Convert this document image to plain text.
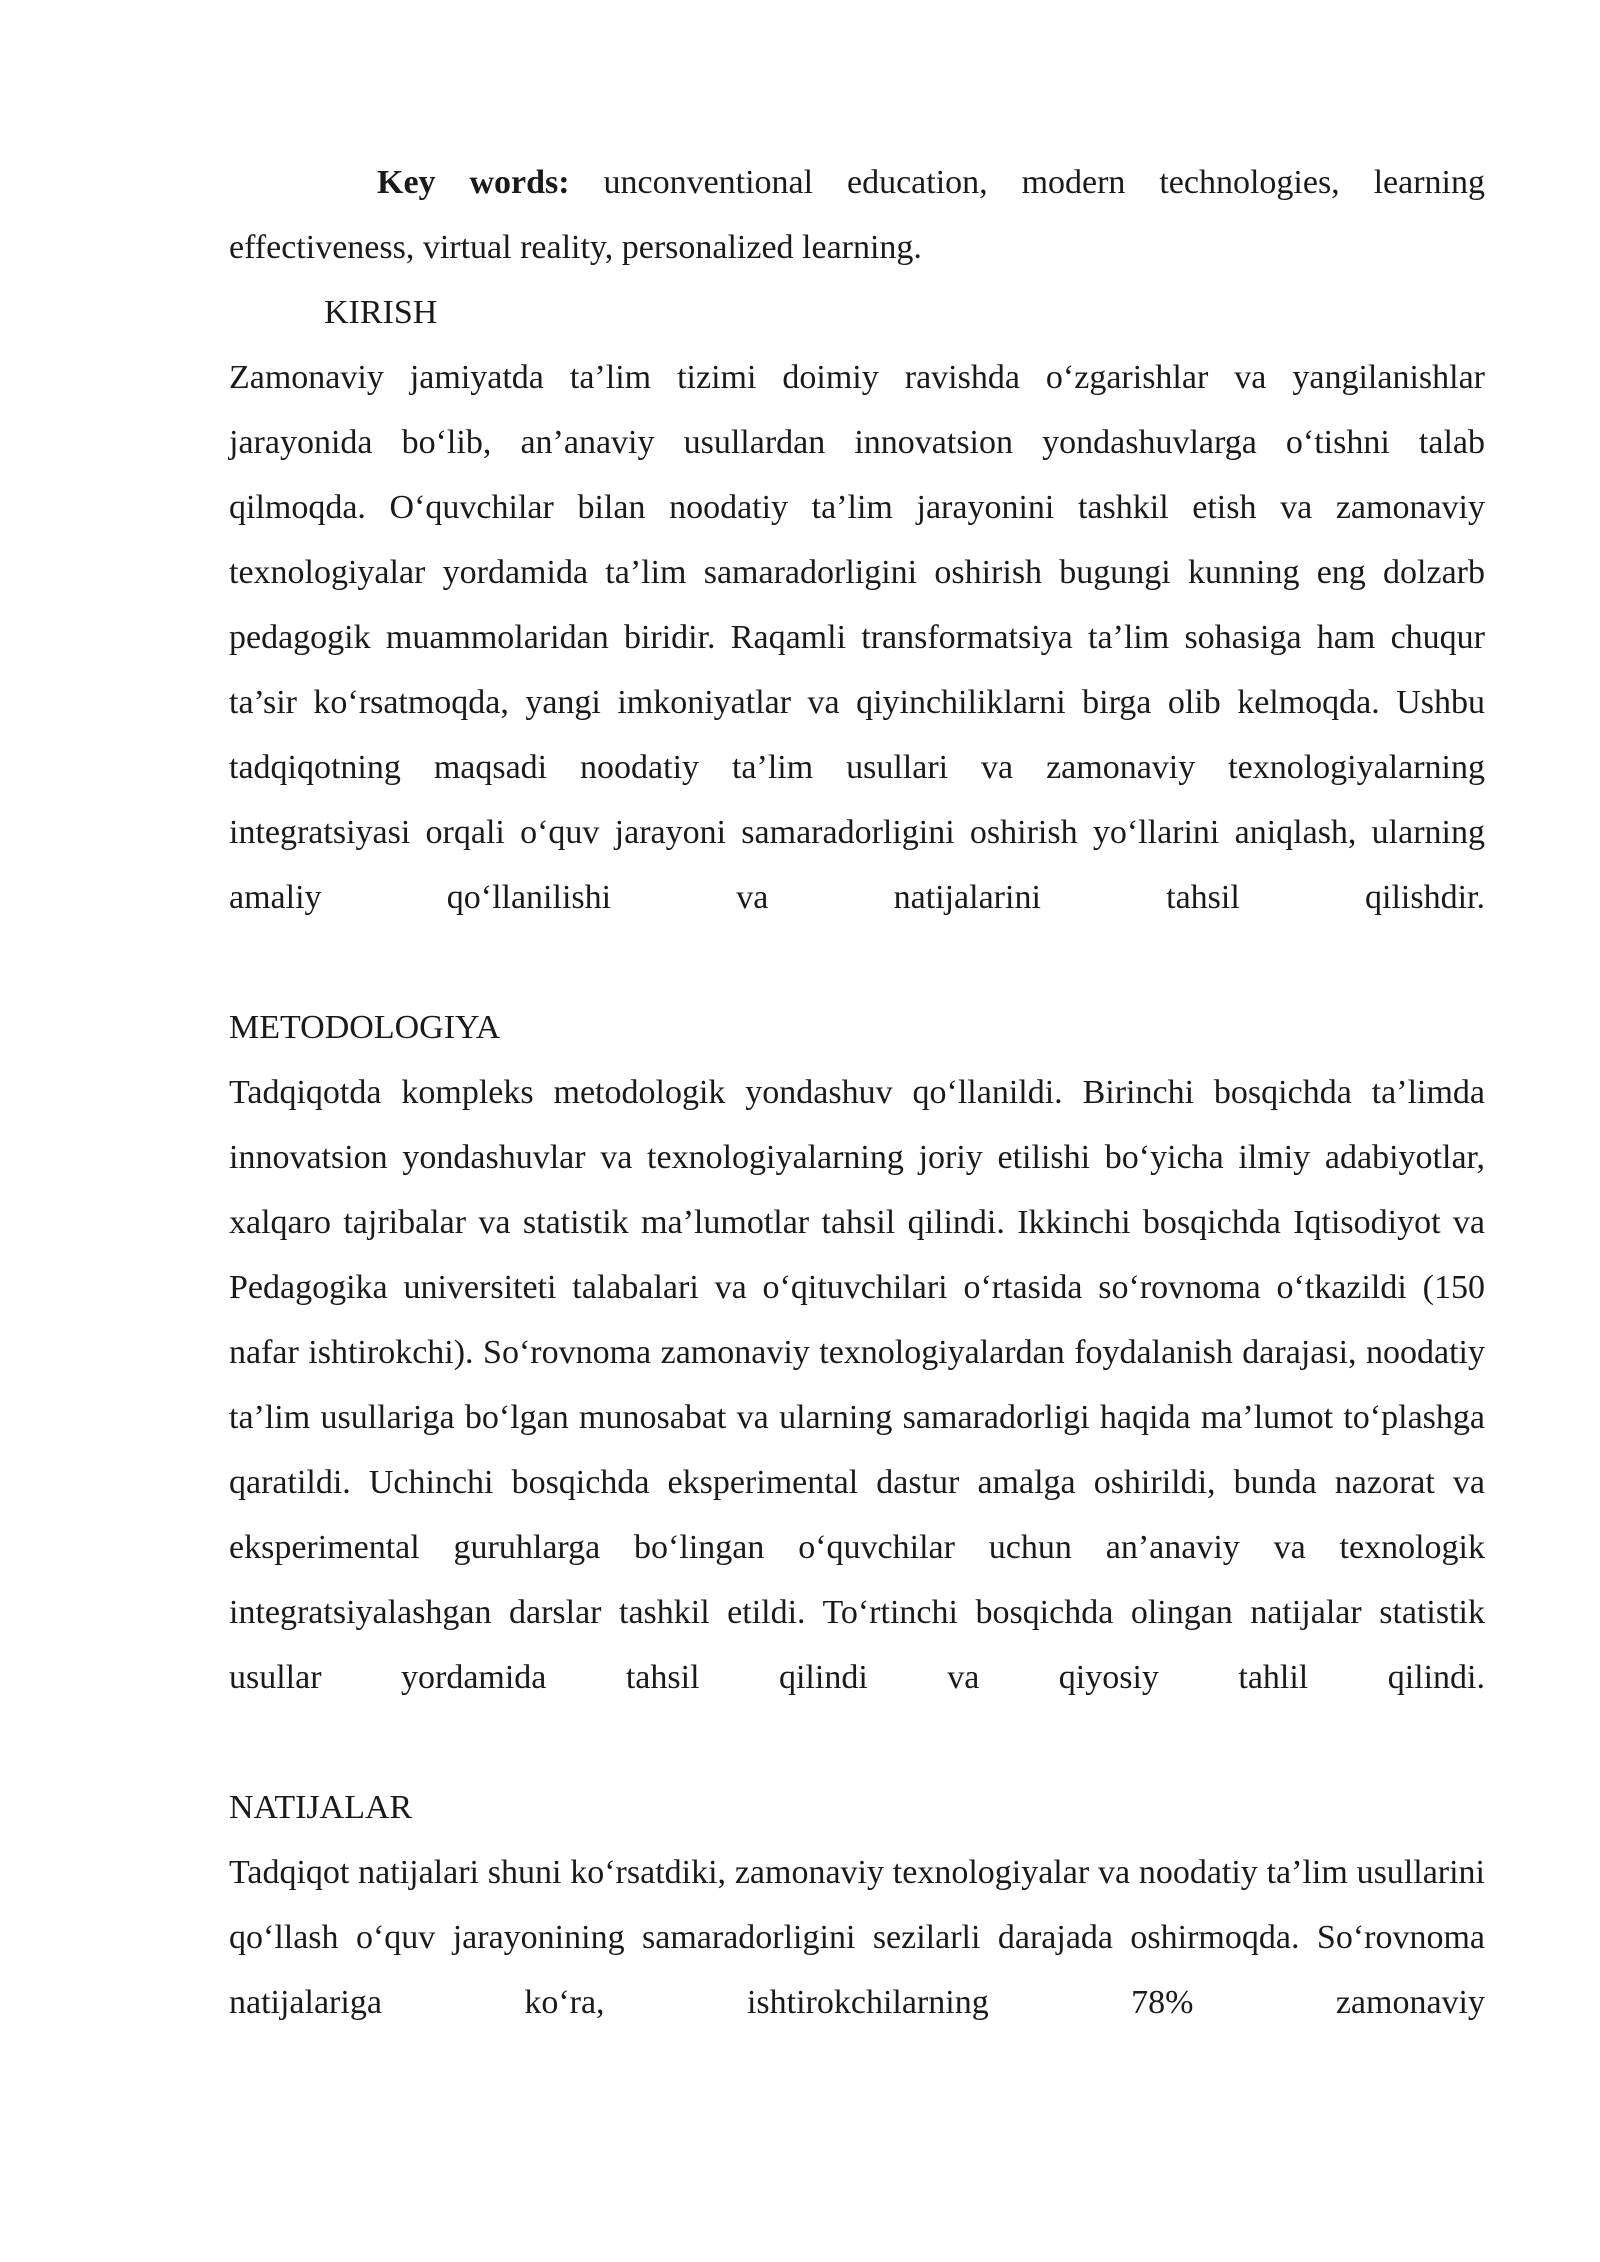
Key words: unconventional education, modern technologies, learning effectiveness, virtual reality, personalized learning.

KIRISH

Zamonaviy jamiyatda ta’lim tizimi doimiy ravishda o‘zgarishlar va yangilanishlar jarayonida bo‘lib, an’anaviy usullardan innovatsion yondashuvlarga o‘tishni talab qilmoqda. O‘quvchilar bilan noodatiy ta’lim jarayonini tashkil etish va zamonaviy texnologiyalar yordamida ta’lim samaradorligini oshirish bugungi kunning eng dolzarb pedagogik muammolaridan biridir. Raqamli transformatsiya ta’lim sohasiga ham chuqur ta’sir ko‘rsatmoqda, yangi imkoniyatlar va qiyinchiliklarni birga olib kelmoqda. Ushbu tadqiqotning maqsadi noodatiy ta’lim usullari va zamonaviy texnologiyalarning integratsiyasi orqali o‘quv jarayoni samaradorligini oshirish yo‘llarini aniqlash, ularning amaliy qo‘llanilishi va natijalarini tahsil qilishdir.

METODOLOGIYA

Tadqiqotda kompleks metodologik yondashuv qo‘llanildi. Birinchi bosqichda ta’limda innovatsion yondashuvlar va texnologiyalarning joriy etilishi bo‘yicha ilmiy adabiyotlar, xalqaro tajribalar va statistik ma’lumotlar tahsil qilindi. Ikkinchi bosqichda Iqtisodiyot va Pedagogika universiteti talabalari va o‘qituvchilari o‘rtasida so‘rovnoma o‘tkazildi (150 nafar ishtirokchi). So‘rovnoma zamonaviy texnologiyalardan foydalanish darajasi, noodatiy ta’lim usullariga bo‘lgan munosabat va ularning samaradorligi haqida ma’lumot to‘plashga qaratildi. Uchinchi bosqichda eksperimental dastur amalga oshirildi, bunda nazorat va eksperimental guruhlarga bo‘lingan o‘quvchilar uchun an’anaviy va texnologik integratsiyalashgan darslar tashkil etildi. To‘rtinchi bosqichda olingan natijalar statistik usullar yordamida tahsil qilindi va qiyosiy tahlil qilindi.

NATIJALAR

Tadqiqot natijalari shuni ko‘rsatdiki, zamonaviy texnologiyalar va noodatiy ta’lim usullarini qo‘llash o‘quv jarayonining samaradorligini sezilarli darajada oshirmoqda. So‘rovnoma natijalariga ko‘ra, ishtirokchilarning 78% zamonaviy
